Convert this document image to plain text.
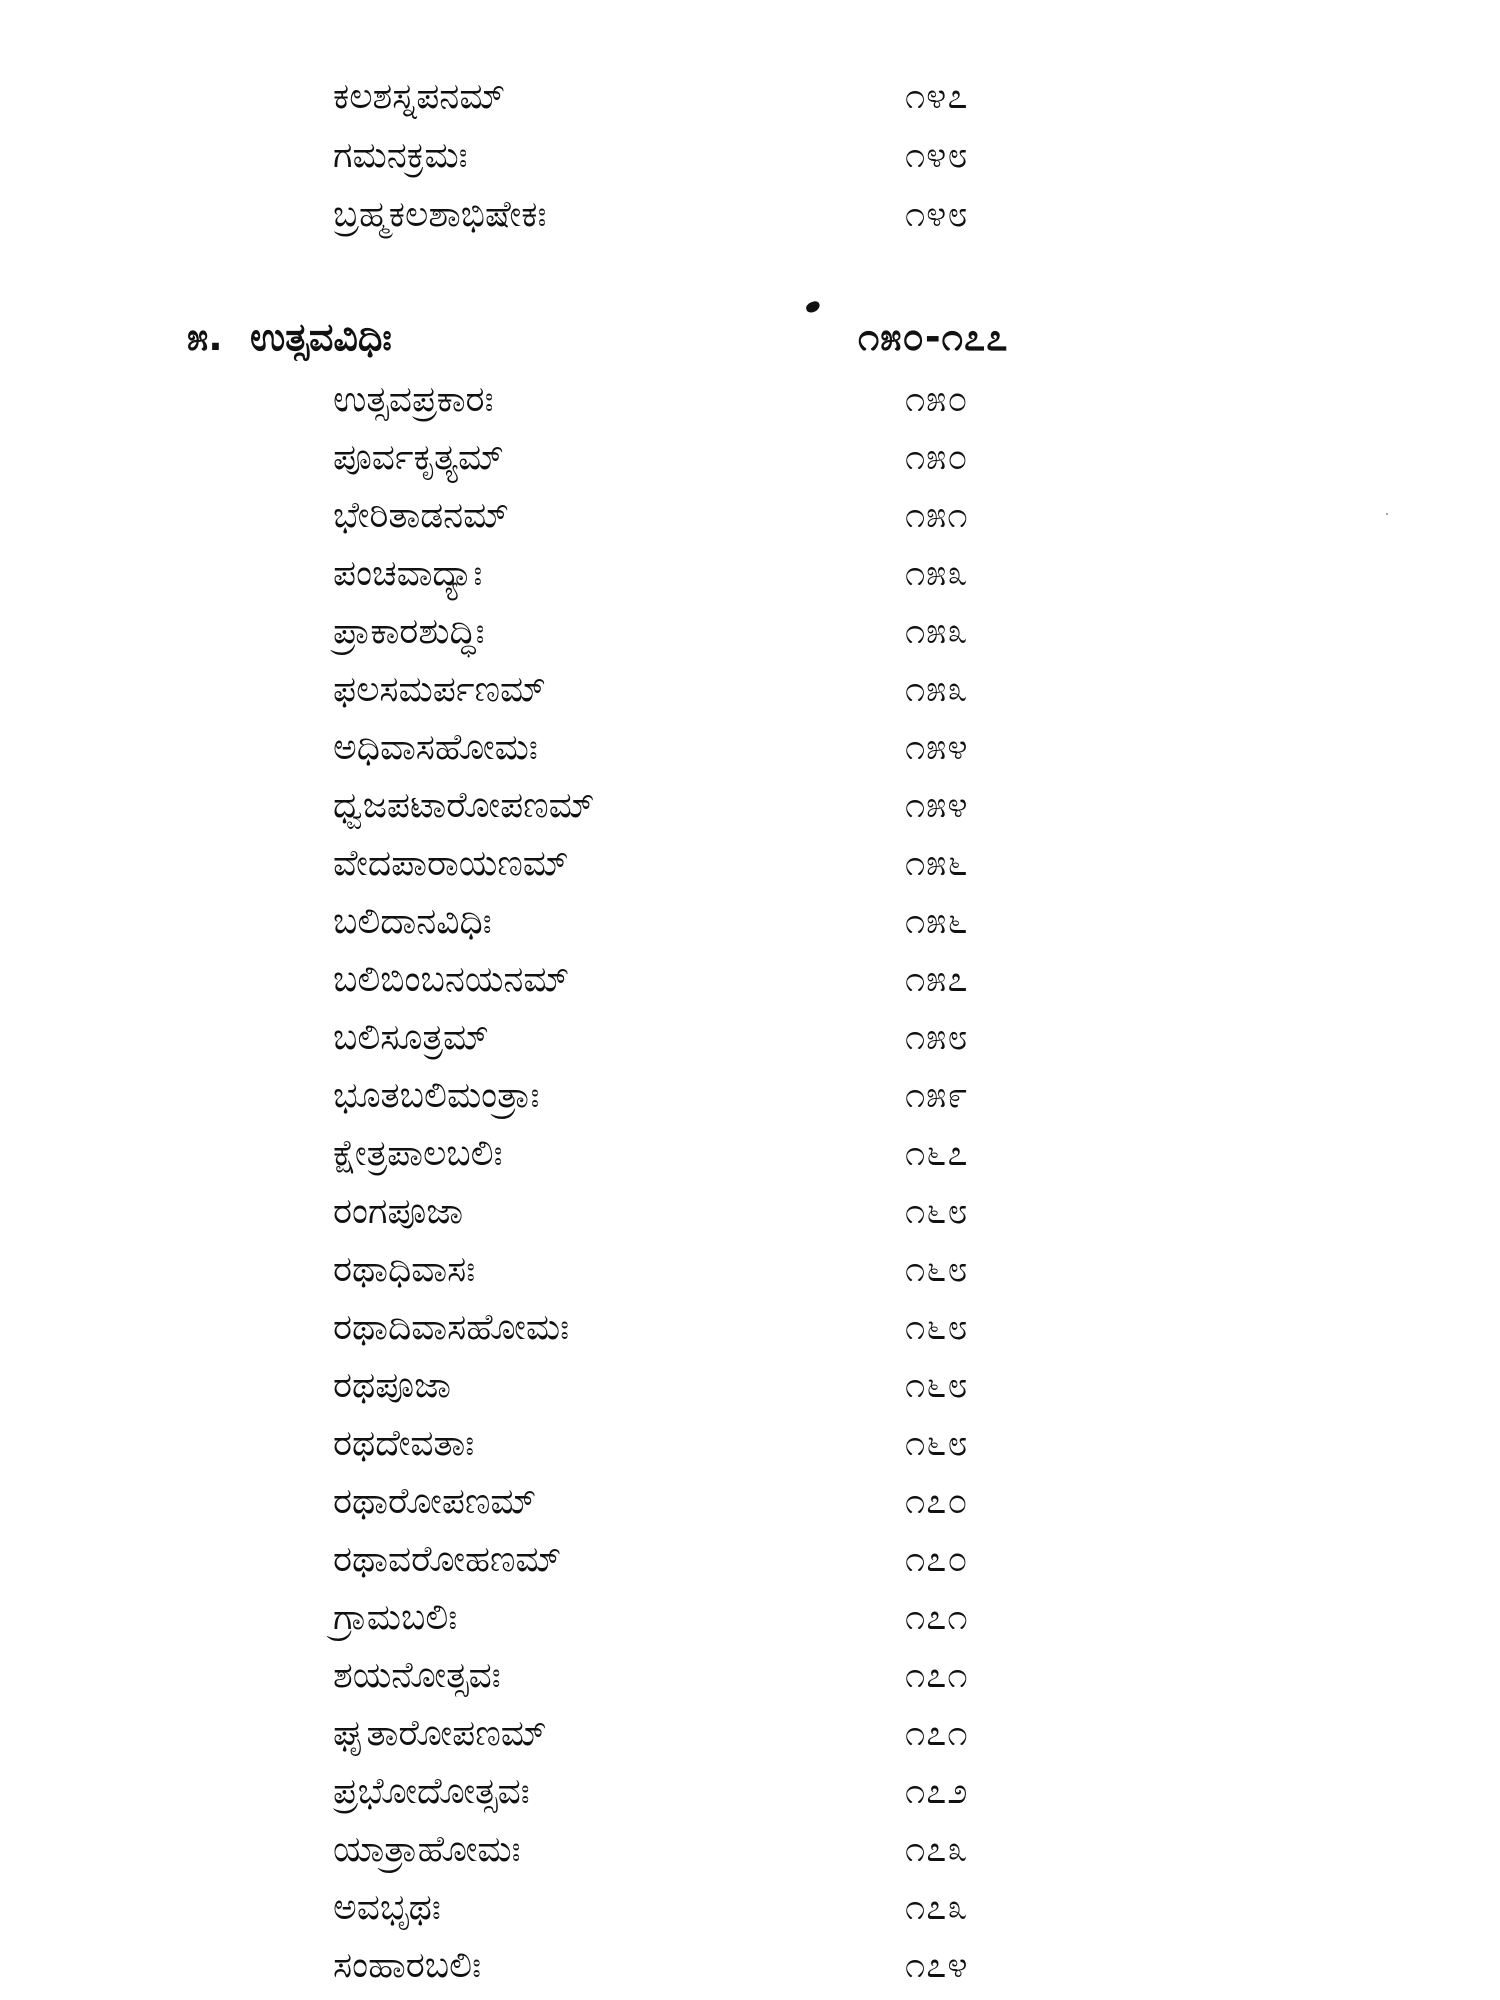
ಕಲಶಸ್ನಪನಮ್	೧೪೭
ಗಮನಕ್ರಮಃ	೧೪೮
ಬ್ರಹ್ಮಕಲಶಾಭಿಷೇಕಃ	೧೪೮
೫. ಉತ್ಸವವಿಧಿಃ	೧೫೦-೧೭೭
ಉತ್ಸವಪ್ರಕಾರಃ	೧೫೦
ಪೂರ್ವಕೃತ್ಯಮ್	೧೫೦
ಭೇರಿತಾಡನಮ್	೧೫೧
ಪಂಚವಾದ್ಯಾಃ	೧೫೩
ಪ್ರಾಕಾರಶುದ್ಧಿಃ	೧೫೩
ಫಲಸಮರ್ಪಣಮ್	೧೫೩
ಅಧಿವಾಸಹೋಮಃ	೧೫೪
ಧ್ವಜಪಟಾರೋಪಣಮ್	೧೫೪
ವೇದಪಾರಾಯಣಮ್	೧೫೬
ಬಲಿದಾನವಿಧಿಃ	೧೫೬
ಬಲಿಬಿಂಬನಯನಮ್	೧೫೭
ಬಲಿಸೂತ್ರಮ್	೧೫೮
ಭೂತಬಲಿಮಂತ್ರಾಃ	೧೫೯
ಕ್ಷೇತ್ರಪಾಲಬಲಿಃ	೧೬೭
ರಂಗಪೂಜಾ	೧೬೮
ರಥಾಧಿವಾಸಃ	೧೬೮
ರಥಾದಿವಾಸಹೋಮಃ	೧೬೮
ರಥಪೂಜಾ	೧೬೮
ರಥದೇವತಾಃ	೧೬೮
ರಥಾರೋಪಣಮ್	೧೭೦
ರಥಾವರೋಹಣಮ್	೧೭೦
ಗ್ರಾಮಬಲಿಃ	೧೭೧
ಶಯನೋತ್ಸವಃ	೧೭೧
ಘೃತಾರೋಪಣಮ್	೧೭೧
ಪ್ರಭೋದೋತ್ಸವಃ	೧೭೨
ಯಾತ್ರಾಹೋಮಃ	೧೭೩
ಅವಭೃಥಃ	೧೭೩
ಸಂಹಾರಬಲಿಃ	೧೭೪
